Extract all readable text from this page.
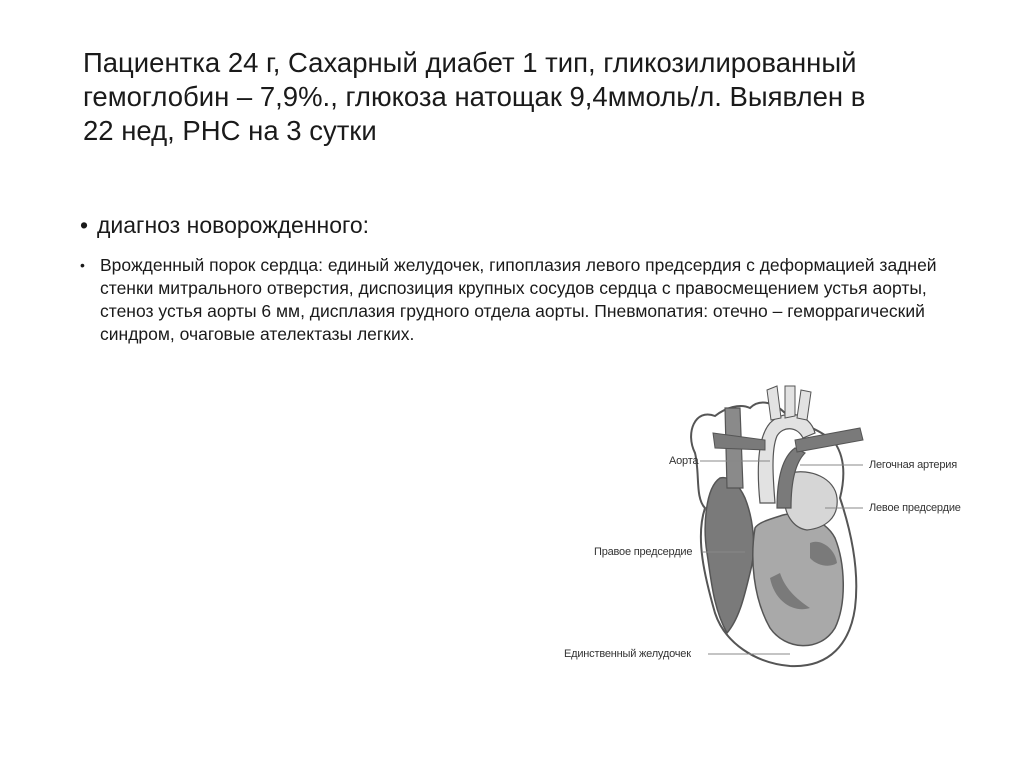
Пациентка 24 г, Сахарный диабет 1 тип, гликозилированный гемоглобин – 7,9%., глюкоза натощак 9,4ммоль/л. Выявлен в 22 нед, РНС на 3 сутки
• диагноз новорожденного:
• Врожденный порок сердца: единый желудочек, гипоплазия левого предсердия с деформацией задней стенки митрального отверстия, диспозиция крупных сосудов сердца с правосмещением устья аорты, стеноз устья аорты 6 мм, дисплазия грудного отдела аорты. Пневмопатия: отечно – геморрагический синдром, очаговые ателектазы легких.
Аорта	Легочная артерия
Левое предсердие
Правое предсердие
Единственный желудочек
